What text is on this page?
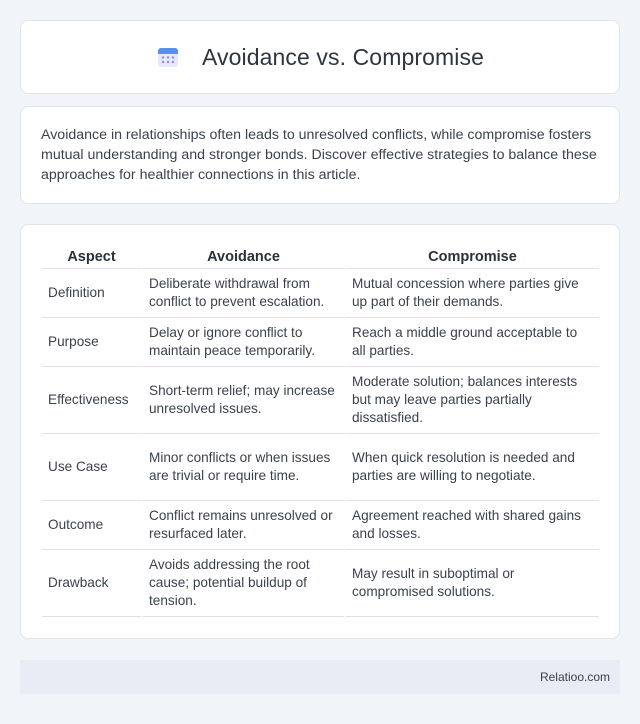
Avoidance vs. Compromise

Avoidance in relationships often leads to unresolved conflicts, while compromise fosters mutual understanding and stronger bonds. Discover effective strategies to balance these approaches for healthier connections in this article.

Aspect	Avoidance	Compromise
Definition	Deliberate withdrawal from conflict to prevent escalation.	Mutual concession where parties give up part of their demands.
Purpose	Delay or ignore conflict to maintain peace temporarily.	Reach a middle ground acceptable to all parties.
Effectiveness	Short-term relief; may increase unresolved issues.	Moderate solution; balances interests but may leave parties partially dissatisfied.
Use Case	Minor conflicts or when issues are trivial or require time.	When quick resolution is needed and parties are willing to negotiate.
Outcome	Conflict remains unresolved or resurfaced later.	Agreement reached with shared gains and losses.
Drawback	Avoids addressing the root cause; potential buildup of tension.	May result in suboptimal or compromised solutions.
Relatioo.com
